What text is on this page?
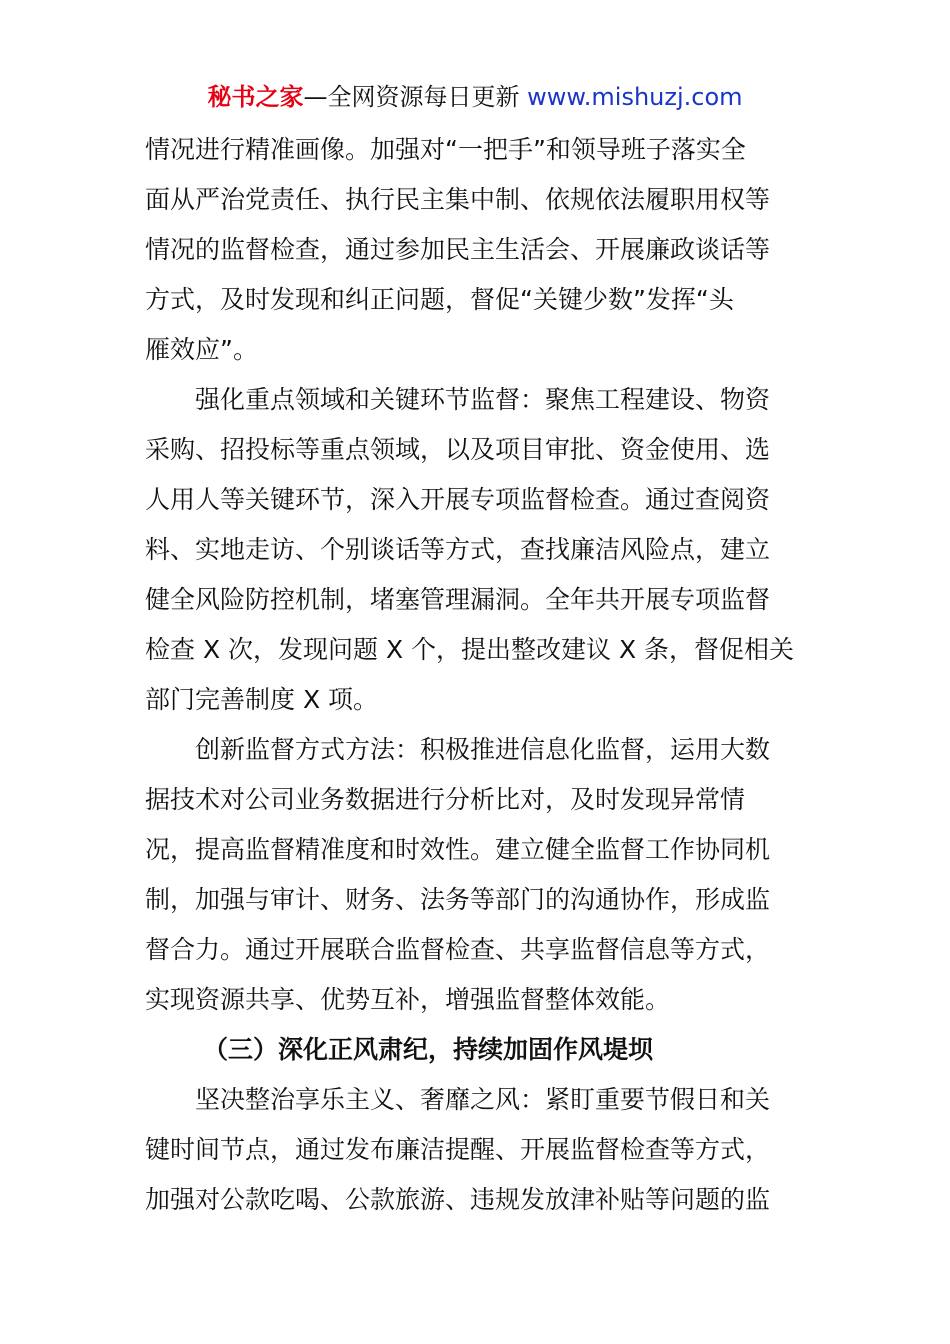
秘书之家—全网资源每日更新 www.mishuzj.com
情况进行精准画像。加强对“一把手”和领导班子落实全
面从严治党责任、执行民主集中制、依规依法履职用权等
情况的监督检查，通过参加民主生活会、开展廉政谈话等
方式，及时发现和纠正问题，督促“关键少数”发挥“头
雁效应”。
强化重点领域和关键环节监督：聚焦工程建设、物资
采购、招投标等重点领域，以及项目审批、资金使用、选
人用人等关键环节，深入开展专项监督检查。通过查阅资
料、实地走访、个别谈话等方式，查找廉洁风险点，建立
健全风险防控机制，堵塞管理漏洞。全年共开展专项监督
检查 X 次，发现问题 X 个，提出整改建议 X 条，督促相关
部门完善制度 X 项。
创新监督方式方法：积极推进信息化监督，运用大数
据技术对公司业务数据进行分析比对，及时发现异常情
况，提高监督精准度和时效性。建立健全监督工作协同机
制，加强与审计、财务、法务等部门的沟通协作，形成监
督合力。通过开展联合监督检查、共享监督信息等方式，
实现资源共享、优势互补，增强监督整体效能。
（三）深化正风肃纪，持续加固作风堤坝
坚决整治享乐主义、奢靡之风：紧盯重要节假日和关
键时间节点，通过发布廉洁提醒、开展监督检查等方式，
加强对公款吃喝、公款旅游、违规发放津补贴等问题的监
